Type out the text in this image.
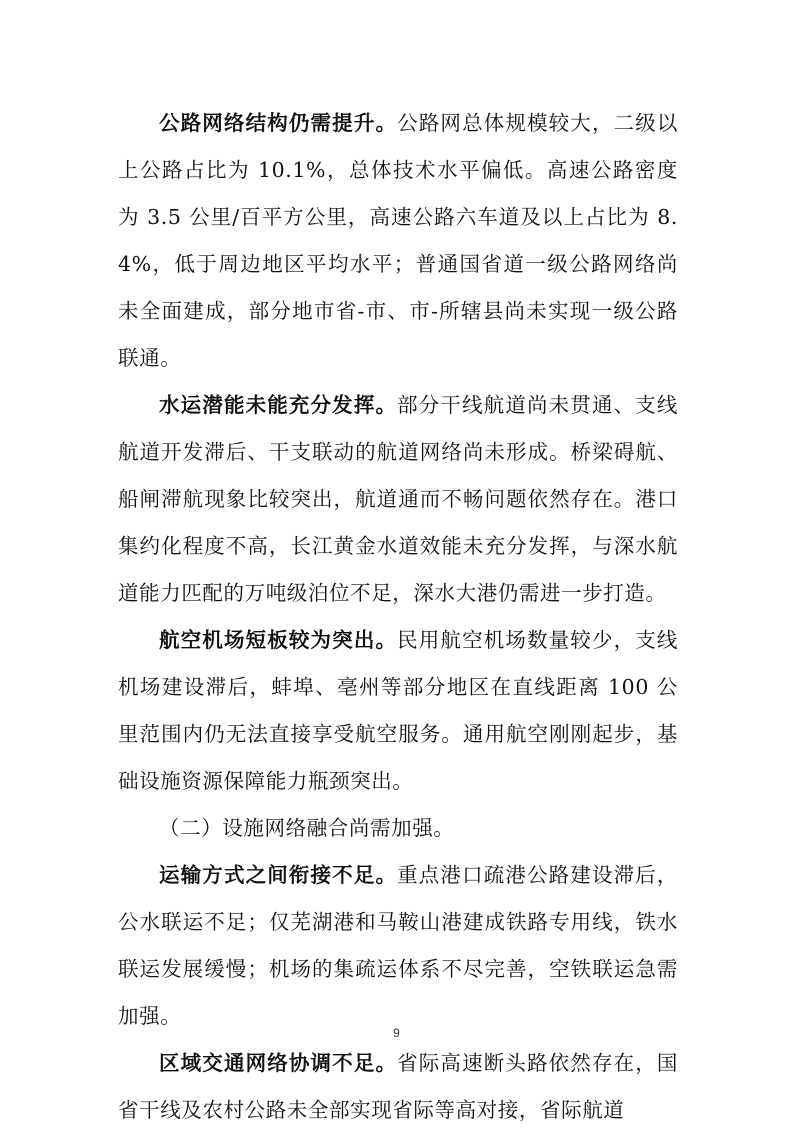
公路网络结构仍需提升。公路网总体规模较大，二级以上公路占比为 10.1%，总体技术水平偏低。高速公路密度为 3.5 公里/百平方公里，高速公路六车道及以上占比为 8.4%，低于周边地区平均水平；普通国省道一级公路网络尚未全面建成，部分地市省-市、市-所辖县尚未实现一级公路联通。

水运潜能未能充分发挥。部分干线航道尚未贯通、支线航道开发滞后、干支联动的航道网络尚未形成。桥梁碍航、船闸滞航现象比较突出，航道通而不畅问题依然存在。港口集约化程度不高，长江黄金水道效能未充分发挥，与深水航道能力匹配的万吨级泊位不足，深水大港仍需进一步打造。

航空机场短板较为突出。民用航空机场数量较少，支线机场建设滞后，蚌埠、亳州等部分地区在直线距离 100 公里范围内仍无法直接享受航空服务。通用航空刚刚起步，基础设施资源保障能力瓶颈突出。

（二）设施网络融合尚需加强。

运输方式之间衔接不足。重点港口疏港公路建设滞后，公水联运不足；仅芜湖港和马鞍山港建成铁路专用线，铁水联运发展缓慢；机场的集疏运体系不尽完善，空铁联运急需加强。

区域交通网络协调不足。省际高速断头路依然存在，国省干线及农村公路未全部实现省际等高对接，省际航道

9
